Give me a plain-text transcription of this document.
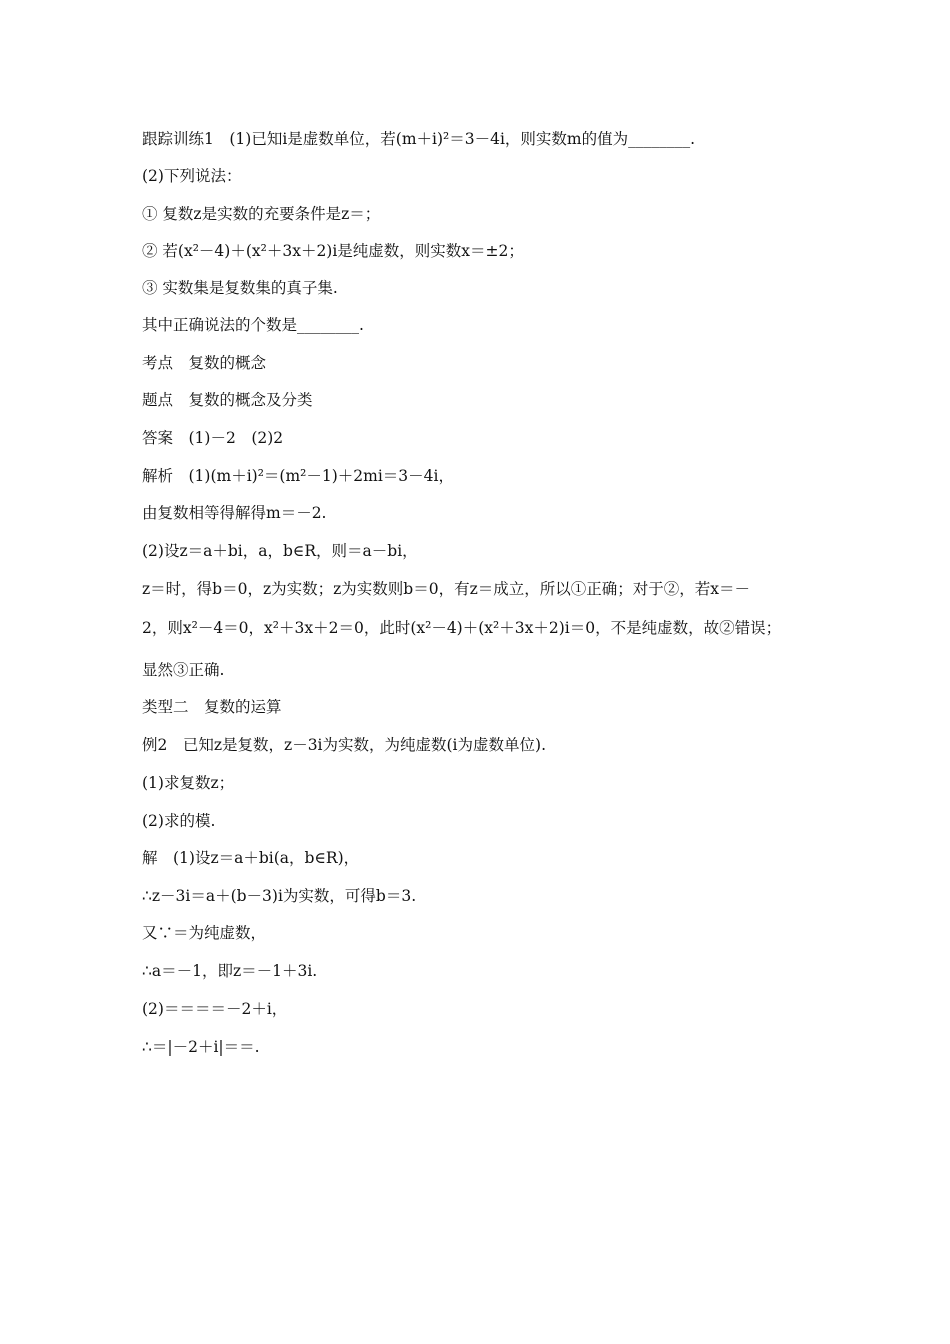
跟踪训练1　(1)已知i是虚数单位，若(m＋i)²＝3－4i，则实数m的值为________.
(2)下列说法：
① 复数z是实数的充要条件是z＝；
② 若(x²－4)＋(x²＋3x＋2)i是纯虚数，则实数x＝±2；
③ 实数集是复数集的真子集.
其中正确说法的个数是________.
考点　复数的概念
题点　复数的概念及分类
答案　(1)－2　(2)2
解析　(1)(m＋i)²＝(m²－1)＋2mi＝3－4i，
由复数相等得解得m＝－2.
(2)设z＝a＋bi，a，b∈R，则＝a－bi，
z＝时，得b＝0，z为实数；z为实数则b＝0，有z＝成立，所以①正确；对于②，若x＝－
2，则x²－4＝0，x²＋3x＋2＝0，此时(x²－4)＋(x²＋3x＋2)i＝0，不是纯虚数，故②错误；
显然③正确.
类型二　复数的运算
例2　已知z是复数，z－3i为实数，为纯虚数(i为虚数单位).
(1)求复数z；
(2)求的模.
解　(1)设z＝a＋bi(a，b∈R)，
∴z－3i＝a＋(b－3)i为实数，可得b＝3.
又∵＝为纯虚数，
∴a＝－1，即z＝－1＋3i.
(2)＝＝＝＝－2＋i，
∴＝|－2＋i|＝＝.
